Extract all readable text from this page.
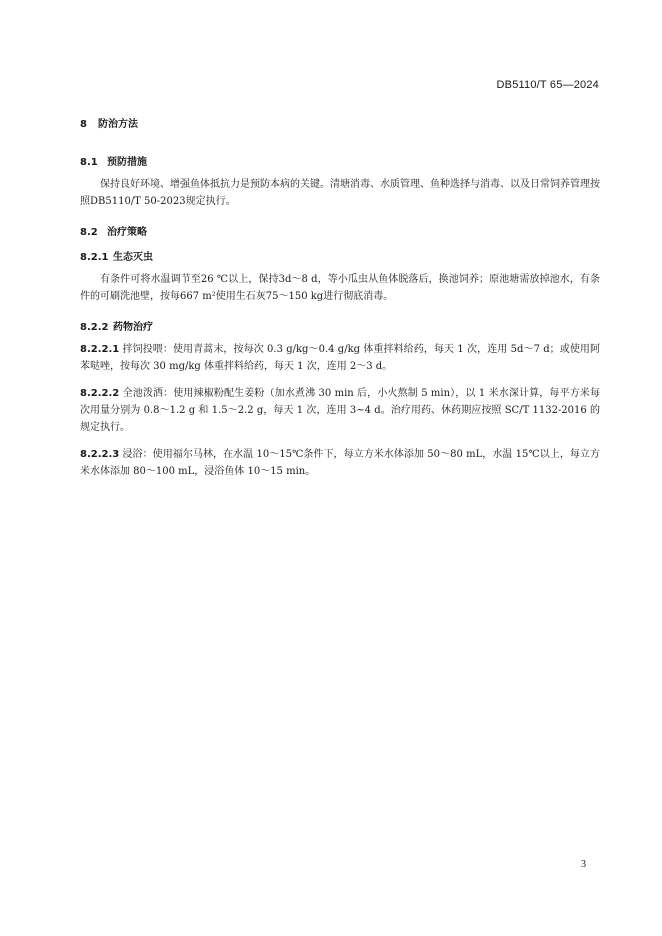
DB5110/T 65—2024
8 防治方法
8.1 预防措施
保持良好环境、增强鱼体抵抗力是预防本病的关键。清塘消毒、水质管理、鱼种选择与消毒、以及日常饲养管理按照DB5110/T 50-2023规定执行。
8.2 治疗策略
8.2.1 生态灭虫
有条件可将水温调节至26 ℃以上，保持3d～8 d，等小瓜虫从鱼体脱落后，换池饲养；原池塘需放掉池水，有条件的可刷洗池壁，按每667 m²使用生石灰75～150 kg进行彻底消毒。
8.2.2 药物治疗
8.2.2.1 拌饲投喂：使用青蒿末，按每次 0.3 g/kg～0.4 g/kg 体重拌料给药，每天 1 次，连用 5d～7 d；或使用阿苯哒唑，按每次 30 mg/kg 体重拌料给药，每天 1 次，连用 2～3 d。
8.2.2.2 全池泼洒：使用辣椒粉配生姜粉（加水煮沸 30 min 后，小火熬制 5 min），以 1 米水深计算，每平方米每次用量分别为 0.8～1.2 g 和 1.5～2.2 g，每天 1 次，连用 3~4 d。治疗用药、休药期应按照 SC/T 1132-2016 的规定执行。
8.2.2.3 浸浴：使用福尔马林，在水温 10～15℃条件下，每立方米水体添加 50～80 mL，水温 15℃以上，每立方米水体添加 80～100 mL，浸浴鱼体 10～15 min。
3
